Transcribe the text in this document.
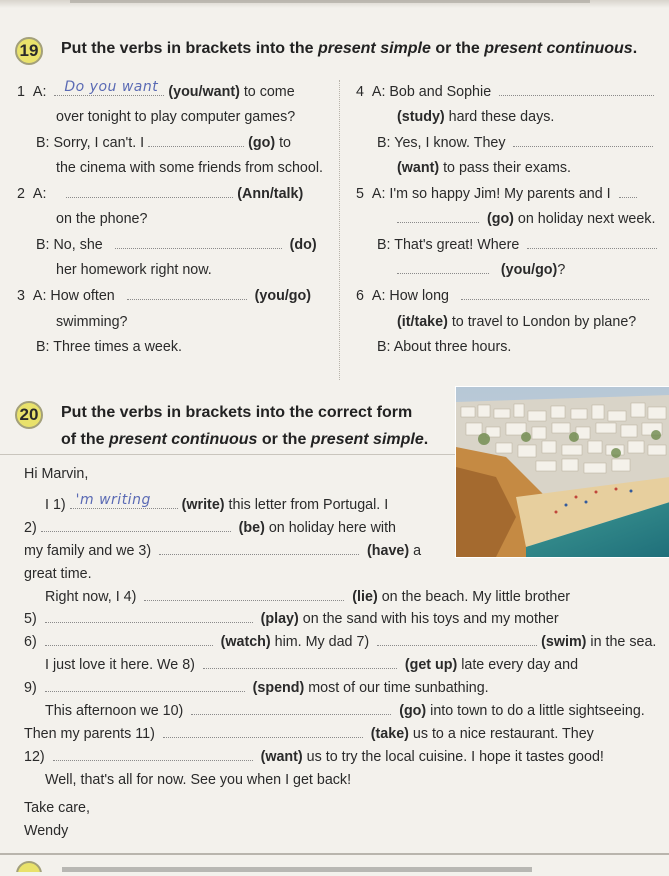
19 Put the verbs in brackets into the present simple or the present continuous.
1 A: Do you want (you/want) to come
over tonight to play computer games?
B: Sorry, I can't. I	(go) to
the cinema with some friends from school.
2 A:	(Ann/talk)
on the phone?
B: No, she	(do)
her homework right now.
3 A: How often	(you/go)
swimming?
B: Three times a week.
4 A: Bob and Sophie
(study) hard these days.
B: Yes, I know. They
(want) to pass their exams.
5 A: I'm so happy Jim! My parents and I
(go) on holiday next week.
B: That's great! Where
(you/go)?
6 A: How long
(it/take) to travel to London by plane?
B: About three hours.
20 Put the verbs in brackets into the correct form
of the present continuous or the present simple.
Hi Marvin,
I 1) 'm writing (write) this letter from Portugal. I
2)	(be) on holiday here with
my family and we 3)	(have) a
great time.
Right now, I 4)	(lie) on the beach. My little brother
5)	(play) on the sand with his toys and my mother
6)	(watch) him. My dad 7)	(swim) in the sea.
I just love it here. We 8)	(get up) late every day and
9)	(spend) most of our time sunbathing.
This afternoon we 10)	(go) into town to do a little sightseeing.
Then my parents 11)	(take) us to a nice restaurant. They
12)	(want) us to try the local cuisine. I hope it tastes good!
Well, that's all for now. See you when I get back!
Take care,
Wendy
